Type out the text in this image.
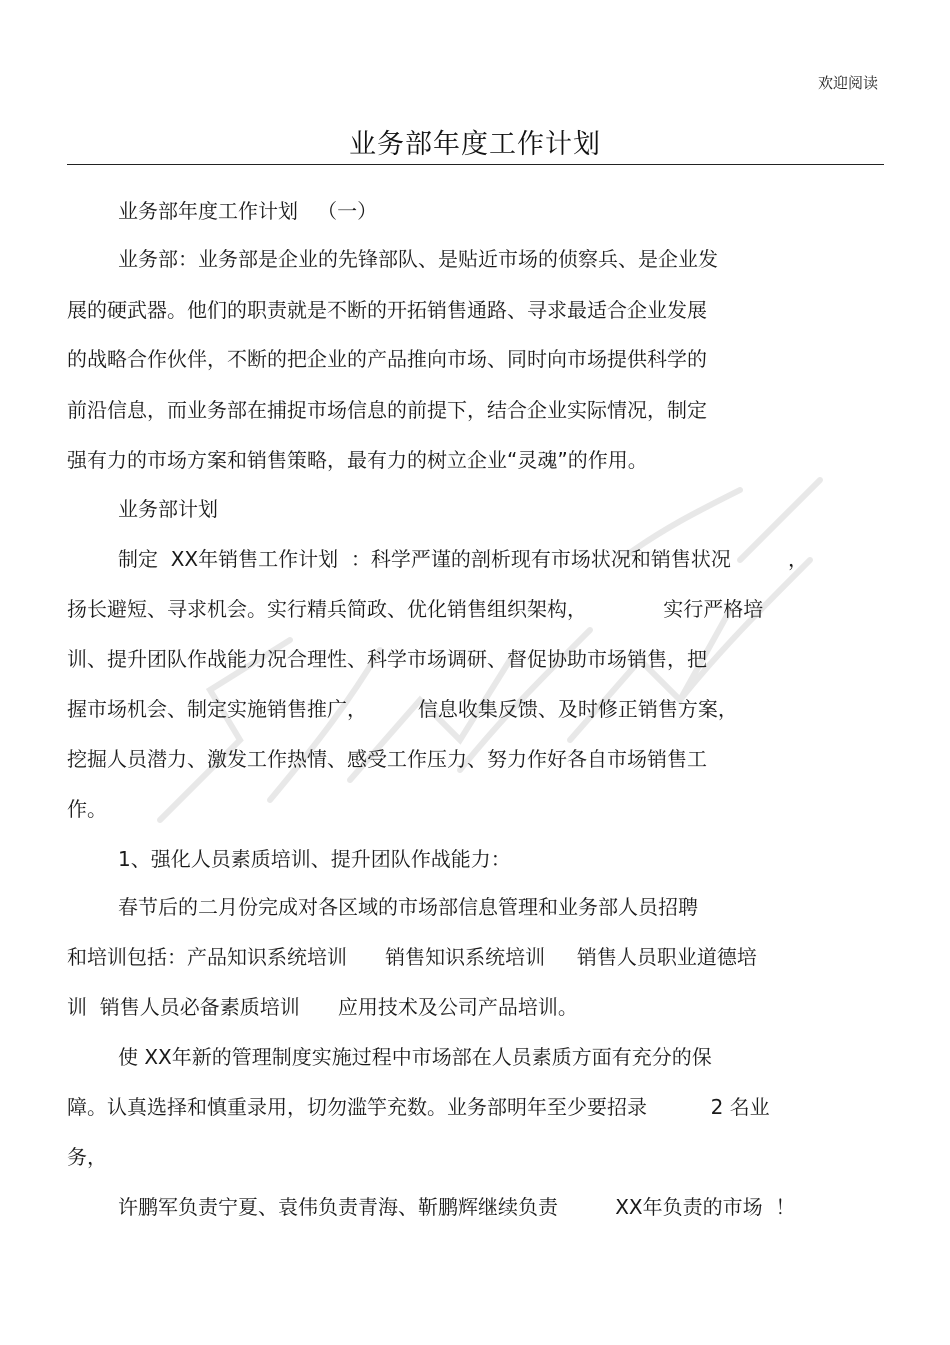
欢迎阅读
业务部年度工作计划
业务部年度工作计划   （一）
业务部：业务部是企业的先锋部队、是贴近市场的侦察兵、是企业发
展的硬武器。他们的职责就是不断的开拓销售通路、寻求最适合企业发展
的战略合作伙伴，不断的把企业的产品推向市场、同时向市场提供科学的
前沿信息，而业务部在捕捉市场信息的前提下，结合企业实际情况，制定
强有力的市场方案和销售策略，最有力的树立企业“灵魂”的作用。
业务部计划
制定  XX年销售工作计划  ：科学严谨的剖析现有市场状况和销售状况         ，
扬长避短、寻求机会。实行精兵简政、优化销售组织架构，            实行严格培
训、提升团队作战能力况合理性、科学市场调研、督促协助市场销售，把
握市场机会、制定实施销售推广，        信息收集反馈、及时修正销售方案，
挖掘人员潜力、激发工作热情、感受工作压力、努力作好各自市场销售工
作。
1、强化人员素质培训、提升团队作战能力：
春节后的二月份完成对各区域的市场部信息管理和业务部人员招聘
和培训包括：产品知识系统培训      销售知识系统培训     销售人员职业道德培
训  销售人员必备素质培训      应用技术及公司产品培训。
使 XX年新的管理制度实施过程中市场部在人员素质方面有充分的保
障。认真选择和慎重录用，切勿滥竽充数。业务部明年至少要招录          2 名业
务，
许鹏军负责宁夏、袁伟负责青海、靳鹏辉继续负责         XX年负责的市场  ！
